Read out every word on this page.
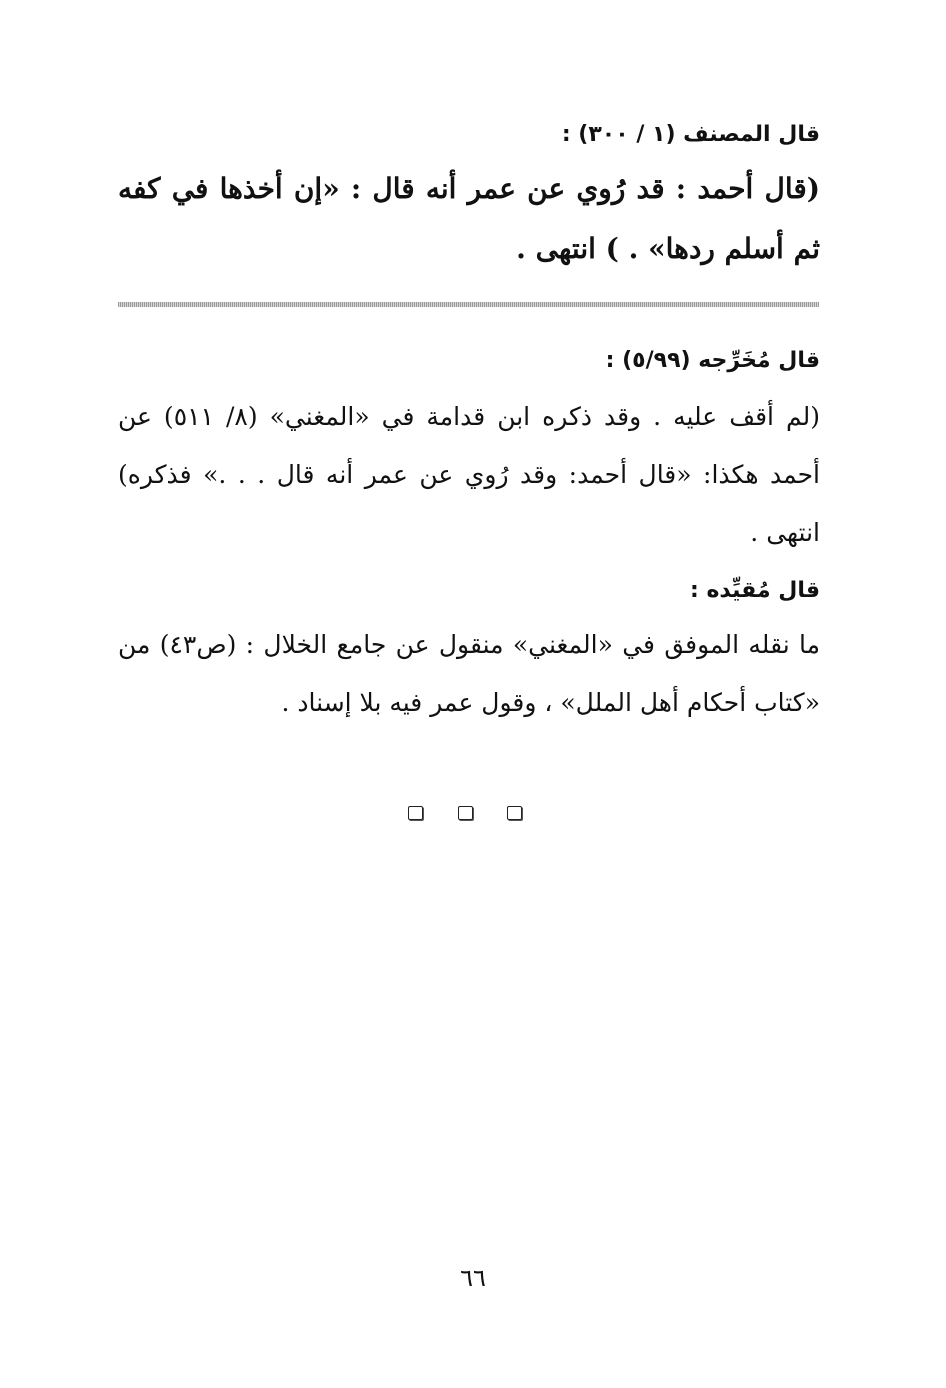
قال المصنف (١ / ٣٠٠) :
(قال أحمد : قد رُوي عن عمر أنه قال : «إن أخذها في كفه
ثم أسلم ردها» . ) انتهى .
قال مُخَرِّجه (٥/٩٩) :
(لم أقف عليه . وقد ذكره ابن قدامة في «المغني» (٨/ ٥١١) عن
أحمد هكذا: «قال أحمد: وقد رُوي عن عمر أنه قال . . .» فذكره)
انتهى .
قال مُقيِّده :
ما نقله الموفق في «المغني» منقول عن جامع الخلال : (ص٤٣) من
«كتاب أحكام أهل الملل» ، وقول عمر فيه بلا إسناد .
٦٦
